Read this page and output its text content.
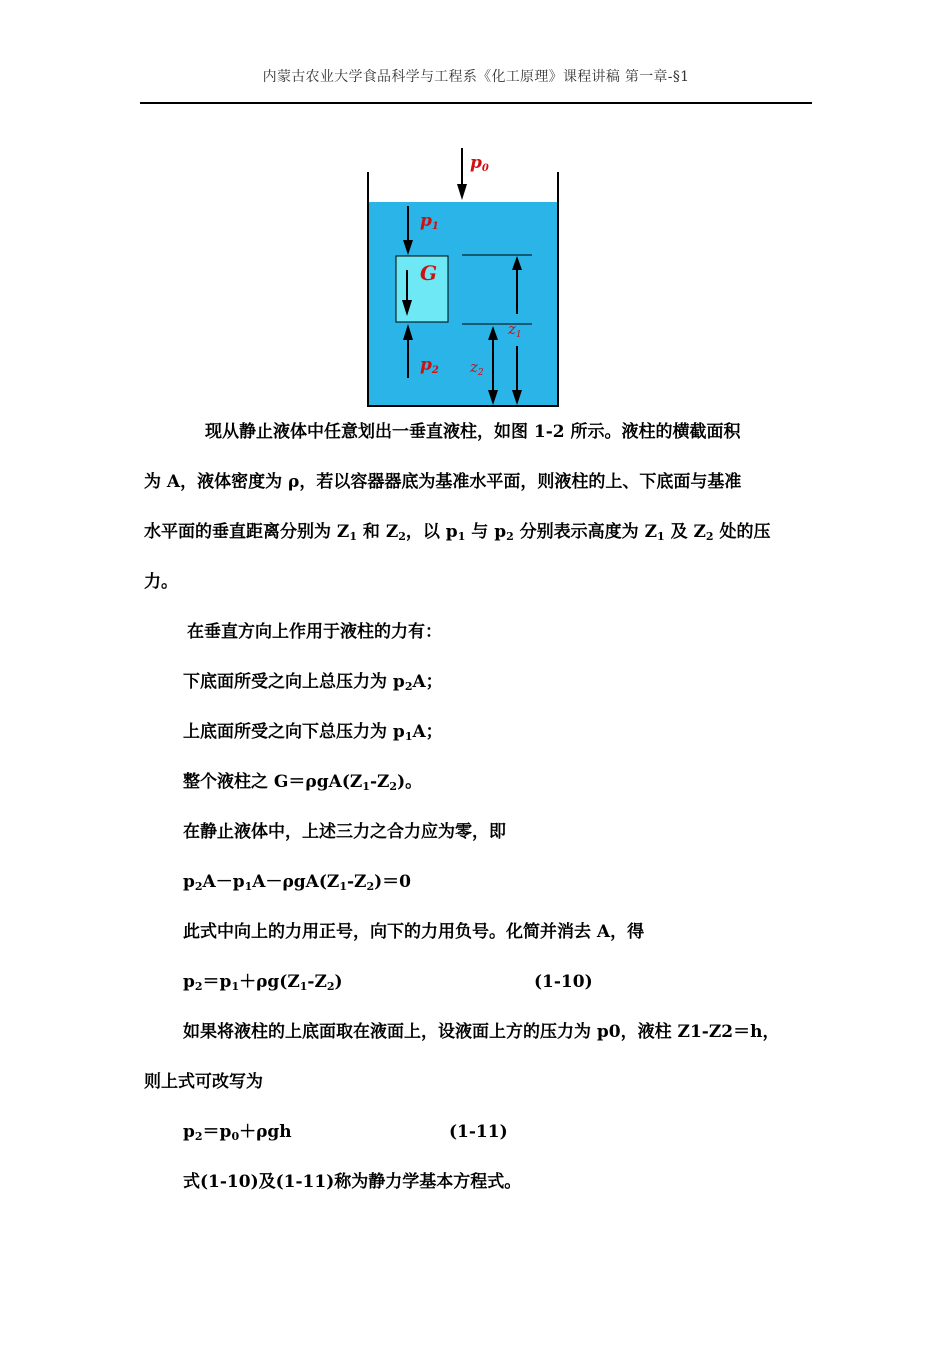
内蒙古农业大学食品科学与工程系《化工原理》课程讲稿 第一章-§1
p0
p1
G
p2
$z_1$
$z_2$
现从静止液体中任意划出一垂直液柱，如图 1-2 所示。液柱的横截面积
为 A，液体密度为 ρ，若以容器器底为基准水平面，则液柱的上、下底面与基准
水平面的垂直距离分别为 $Z_1$ 和 $Z_2$，以 $p_1$ 与 $p_2$ 分别表示高度为 $Z_1$ 及 $Z_2$ 处的压
力。
在垂直方向上作用于液柱的力有：
下底面所受之向上总压力为 $p_2A$；
上底面所受之向下总压力为 $p_1A$；
整个液柱之 $G=\rho gA(Z_1-Z_2)$。
在静止液体中，上述三力之合力应为零，即
$p_2A-p_1A-\rho gA(Z_1-Z_2)=0$
此式中向上的力用正号，向下的力用负号。化简并消去 A，得
$p_2=p_1+\rho g(Z_1-Z_2)$	(1-10)
如果将液柱的上底面取在液面上，设液面上方的压力为 p0，液柱 Z1-Z2＝h，
则上式可改写为
$p_2=p_0+\rho gh$	(1-11)
式(1-10)及(1-11)称为静力学基本方程式。
